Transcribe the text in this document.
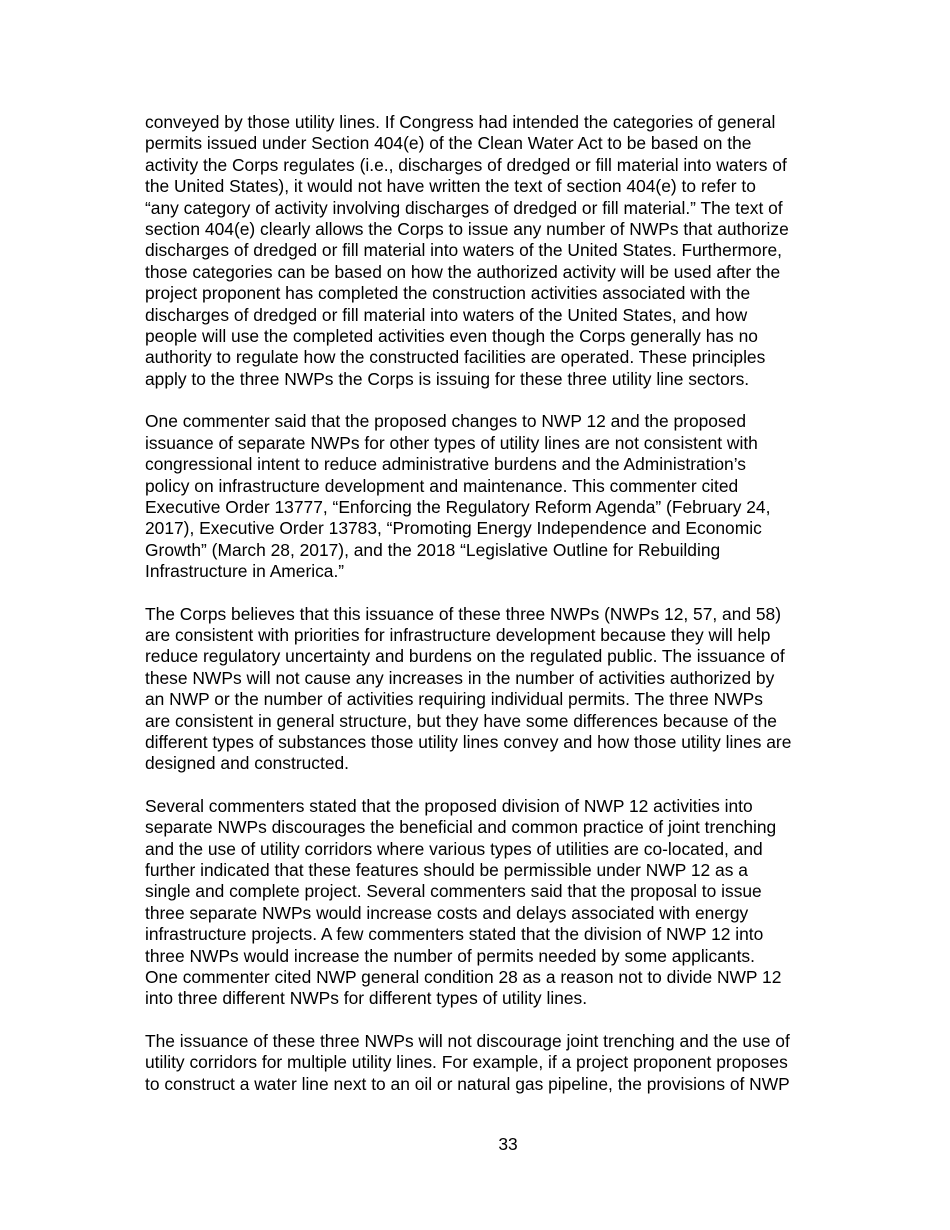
conveyed by those utility lines. If Congress had intended the categories of general
permits issued under Section 404(e) of the Clean Water Act to be based on the
activity the Corps regulates (i.e., discharges of dredged or fill material into waters of
the United States), it would not have written the text of section 404(e) to refer to
“any category of activity involving discharges of dredged or fill material.” The text of
section 404(e) clearly allows the Corps to issue any number of NWPs that authorize
discharges of dredged or fill material into waters of the United States. Furthermore,
those categories can be based on how the authorized activity will be used after the
project proponent has completed the construction activities associated with the
discharges of dredged or fill material into waters of the United States, and how
people will use the completed activities even though the Corps generally has no
authority to regulate how the constructed facilities are operated. These principles
apply to the three NWPs the Corps is issuing for these three utility line sectors.

One commenter said that the proposed changes to NWP 12 and the proposed
issuance of separate NWPs for other types of utility lines are not consistent with
congressional intent to reduce administrative burdens and the Administration’s
policy on infrastructure development and maintenance. This commenter cited
Executive Order 13777, “Enforcing the Regulatory Reform Agenda” (February 24,
2017), Executive Order 13783, “Promoting Energy Independence and Economic
Growth” (March 28, 2017), and the 2018 “Legislative Outline for Rebuilding
Infrastructure in America.”

The Corps believes that this issuance of these three NWPs (NWPs 12, 57, and 58)
are consistent with priorities for infrastructure development because they will help
reduce regulatory uncertainty and burdens on the regulated public. The issuance of
these NWPs will not cause any increases in the number of activities authorized by
an NWP or the number of activities requiring individual permits. The three NWPs
are consistent in general structure, but they have some differences because of the
different types of substances those utility lines convey and how those utility lines are
designed and constructed.

Several commenters stated that the proposed division of NWP 12 activities into
separate NWPs discourages the beneficial and common practice of joint trenching
and the use of utility corridors where various types of utilities are co-located, and
further indicated that these features should be permissible under NWP 12 as a
single and complete project. Several commenters said that the proposal to issue
three separate NWPs would increase costs and delays associated with energy
infrastructure projects. A few commenters stated that the division of NWP 12 into
three NWPs would increase the number of permits needed by some applicants.
One commenter cited NWP general condition 28 as a reason not to divide NWP 12
into three different NWPs for different types of utility lines.

The issuance of these three NWPs will not discourage joint trenching and the use of
utility corridors for multiple utility lines. For example, if a project proponent proposes
to construct a water line next to an oil or natural gas pipeline, the provisions of NWP

33
